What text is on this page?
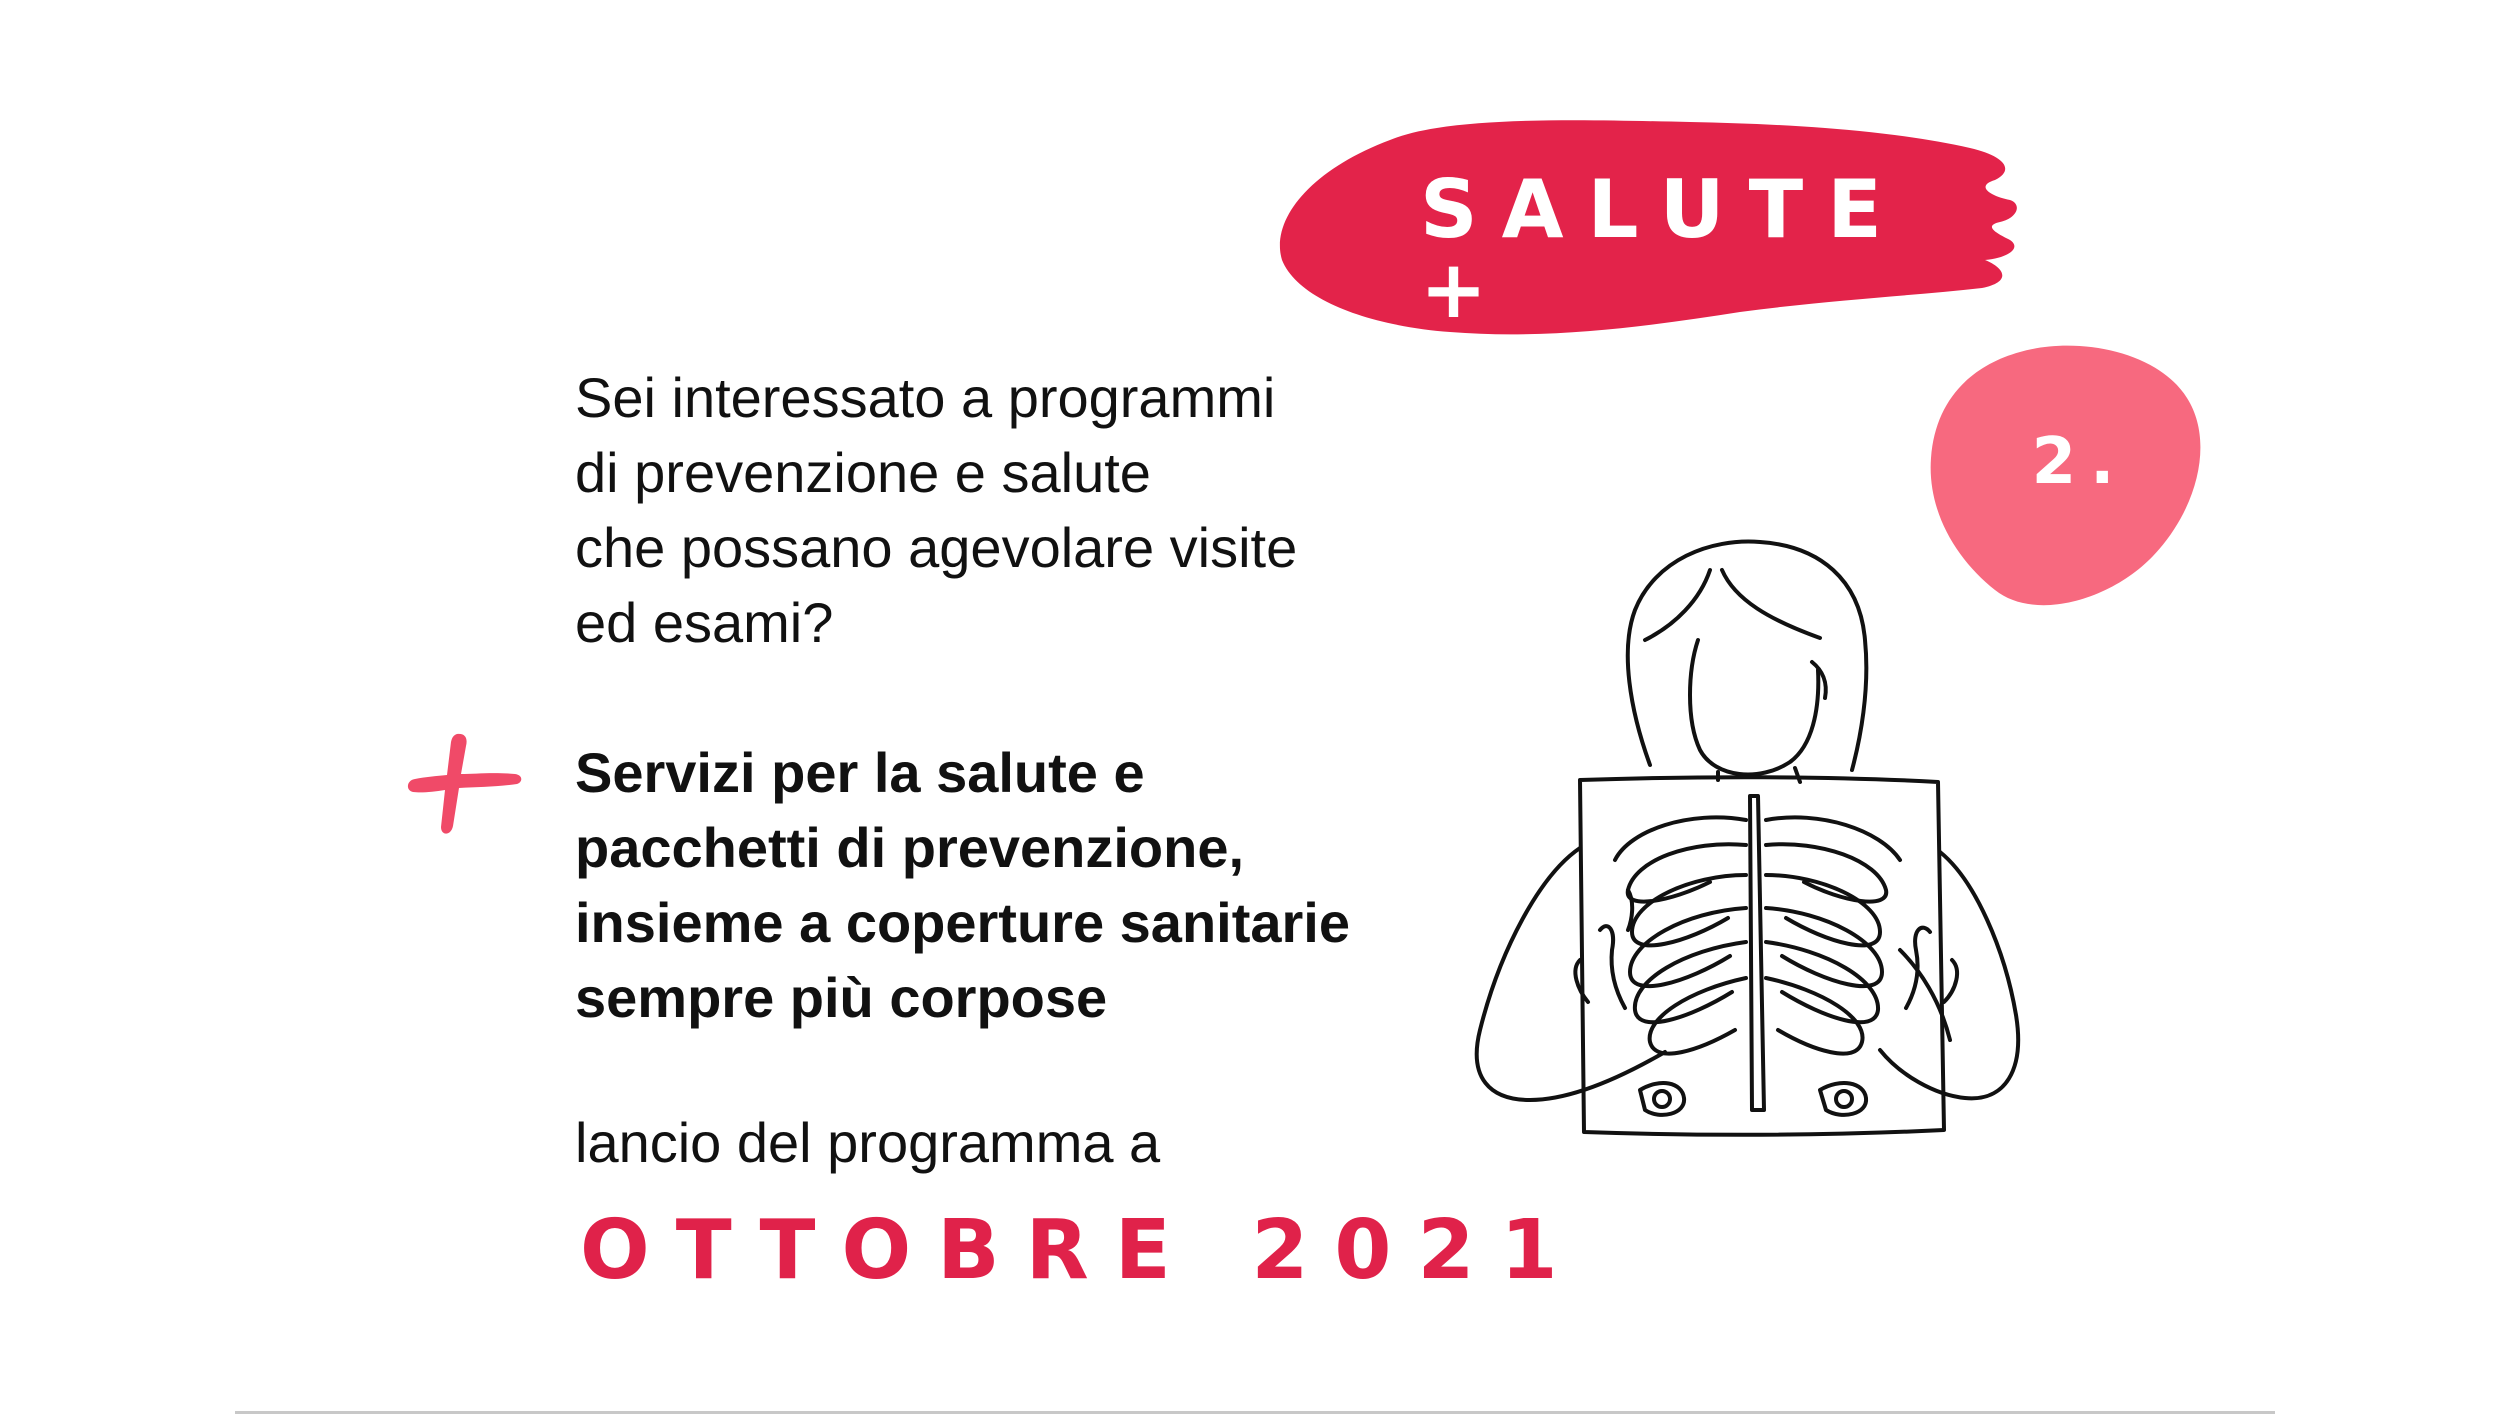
SALUTE +
2.
Sei interessato a programmi
di prevenzione e salute
che possano agevolare visite
ed esami?
Servizi per la salute e
pacchetti di prevenzione,
insieme a coperture sanitarie
sempre più corpose
lancio del programma a
OTTOBRE 2021
